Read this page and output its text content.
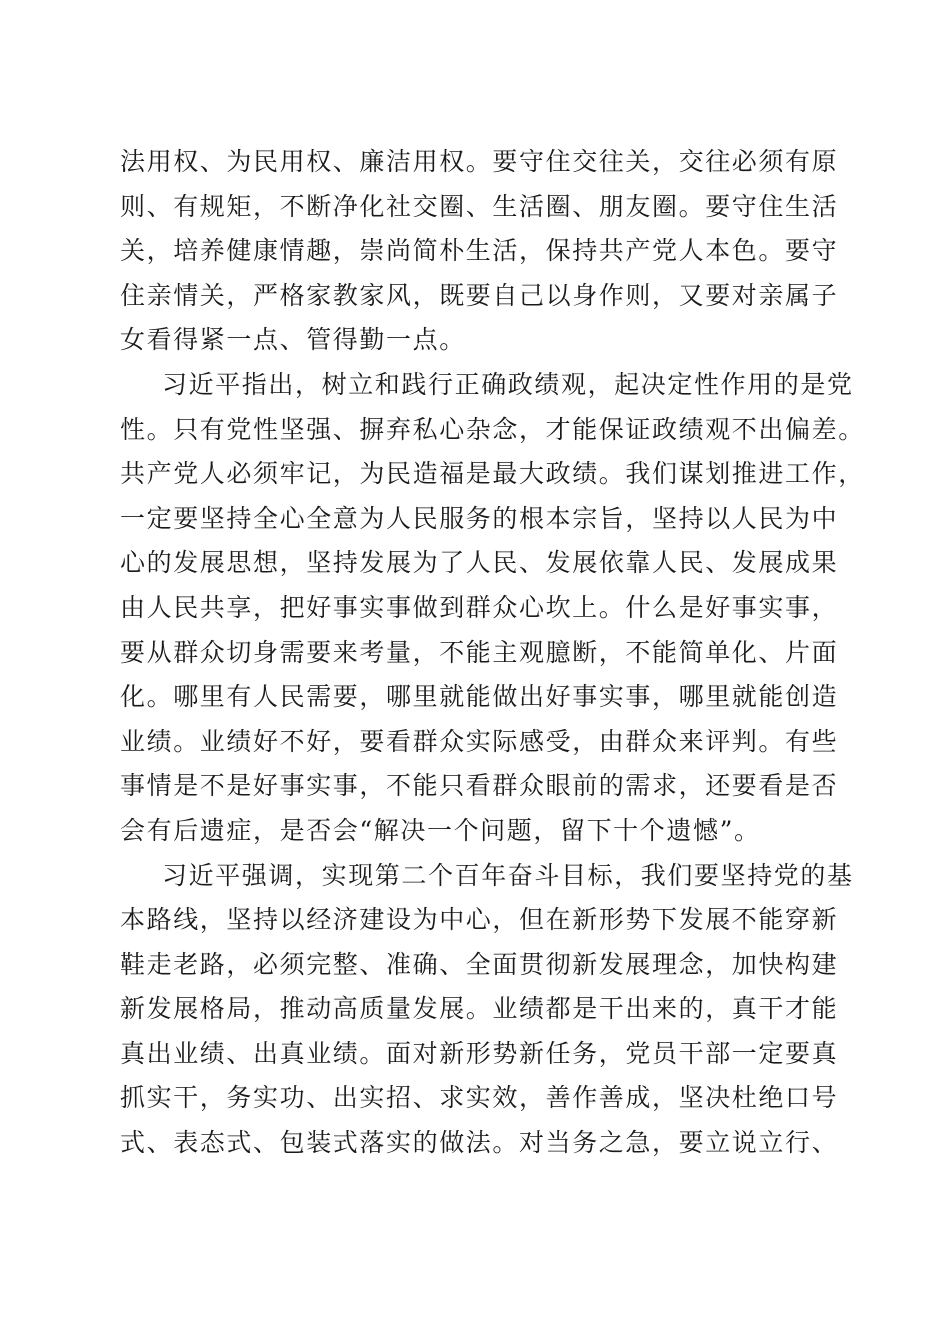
法用权、为民用权、廉洁用权。要守住交往关，交往必须有原
则、有规矩，不断净化社交圈、生活圈、朋友圈。要守住生活
关，培养健康情趣，崇尚简朴生活，保持共产党人本色。要守
住亲情关，严格家教家风，既要自己以身作则，又要对亲属子
女看得紧一点、管得勤一点。
习近平指出，树立和践行正确政绩观，起决定性作用的是党
性。只有党性坚强、摒弃私心杂念，才能保证政绩观不出偏差。
共产党人必须牢记，为民造福是最大政绩。我们谋划推进工作，
一定要坚持全心全意为人民服务的根本宗旨，坚持以人民为中
心的发展思想，坚持发展为了人民、发展依靠人民、发展成果
由人民共享，把好事实事做到群众心坎上。什么是好事实事，
要从群众切身需要来考量，不能主观臆断，不能简单化、片面
化。哪里有人民需要，哪里就能做出好事实事，哪里就能创造
业绩。业绩好不好，要看群众实际感受，由群众来评判。有些
事情是不是好事实事，不能只看群众眼前的需求，还要看是否
会有后遗症，是否会“解决一个问题，留下十个遗憾”。
习近平强调，实现第二个百年奋斗目标，我们要坚持党的基
本路线，坚持以经济建设为中心，但在新形势下发展不能穿新
鞋走老路，必须完整、准确、全面贯彻新发展理念，加快构建
新发展格局，推动高质量发展。业绩都是干出来的，真干才能
真出业绩、出真业绩。面对新形势新任务，党员干部一定要真
抓实干，务实功、出实招、求实效，善作善成，坚决杜绝口号
式、表态式、包装式落实的做法。对当务之急，要立说立行、
